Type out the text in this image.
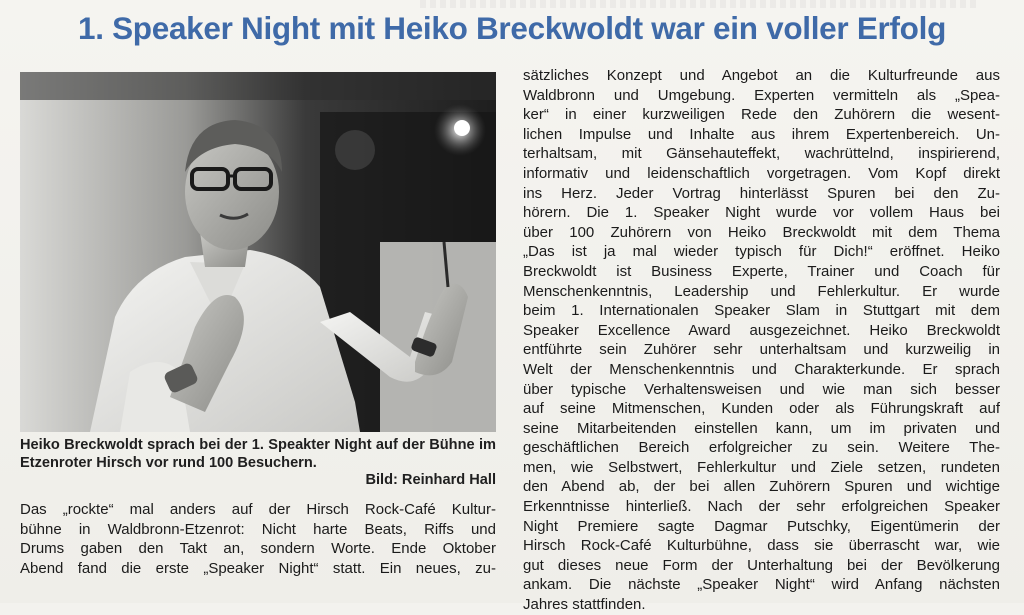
1. Speaker Night mit Heiko Breckwoldt war ein voller Erfolg
Heiko Breckwoldt sprach bei der 1. Speakter Night auf der Bühne im Etzenroter Hirsch vor rund 100 Besuchern.
Bild: Reinhard Hall
Das „rockte“ mal anders auf der Hirsch Rock-Café Kultur-
bühne in Waldbronn-Etzenrot: Nicht harte Beats, Riffs und
Drums gaben den Takt an, sondern Worte. Ende Oktober
Abend fand die erste „Speaker Night“ statt. Ein neues, zu-
sätzliches Konzept und Angebot an die Kulturfreunde aus
Waldbronn und Umgebung. Experten vermitteln als „Spea-
ker“ in einer kurzweiligen Rede den Zuhörern die wesent-
lichen Impulse und Inhalte aus ihrem Expertenbereich. Un-
terhaltsam, mit Gänsehauteffekt, wachrüttelnd, inspirierend,
informativ und leidenschaftlich vorgetragen. Vom Kopf direkt
ins Herz. Jeder Vortrag hinterlässt Spuren bei den Zu-
hörern. Die 1. Speaker Night wurde vor vollem Haus bei
über 100 Zuhörern von Heiko Breckwoldt mit dem Thema
„Das ist ja mal wieder typisch für Dich!“ eröffnet. Heiko
Breckwoldt ist Business Experte, Trainer und Coach für
Menschenkenntnis, Leadership und Fehlerkultur. Er wurde
beim 1. Internationalen Speaker Slam in Stuttgart mit dem
Speaker Excellence Award ausgezeichnet. Heiko Breckwoldt
entführte sein Zuhörer sehr unterhaltsam und kurzweilig in
Welt der Menschenkenntnis und Charakterkunde. Er sprach
über typische Verhaltensweisen und wie man sich besser
auf seine Mitmenschen, Kunden oder als Führungskraft auf
seine Mitarbeitenden einstellen kann, um im privaten und
geschäftlichen Bereich erfolgreicher zu sein. Weitere The-
men, wie Selbstwert, Fehlerkultur und Ziele setzen, rundeten
den Abend ab, der bei allen Zuhörern Spuren und wichtige
Erkenntnisse hinterließ. Nach der sehr erfolgreichen Speaker
Night Premiere sagte Dagmar Putschky, Eigentümerin der
Hirsch Rock-Café Kulturbühne, dass sie überrascht war, wie
gut dieses neue Form der Unterhaltung bei der Bevölkerung
ankam. Die nächste „Speaker Night“ wird Anfang nächsten
Jahres stattfinden.
